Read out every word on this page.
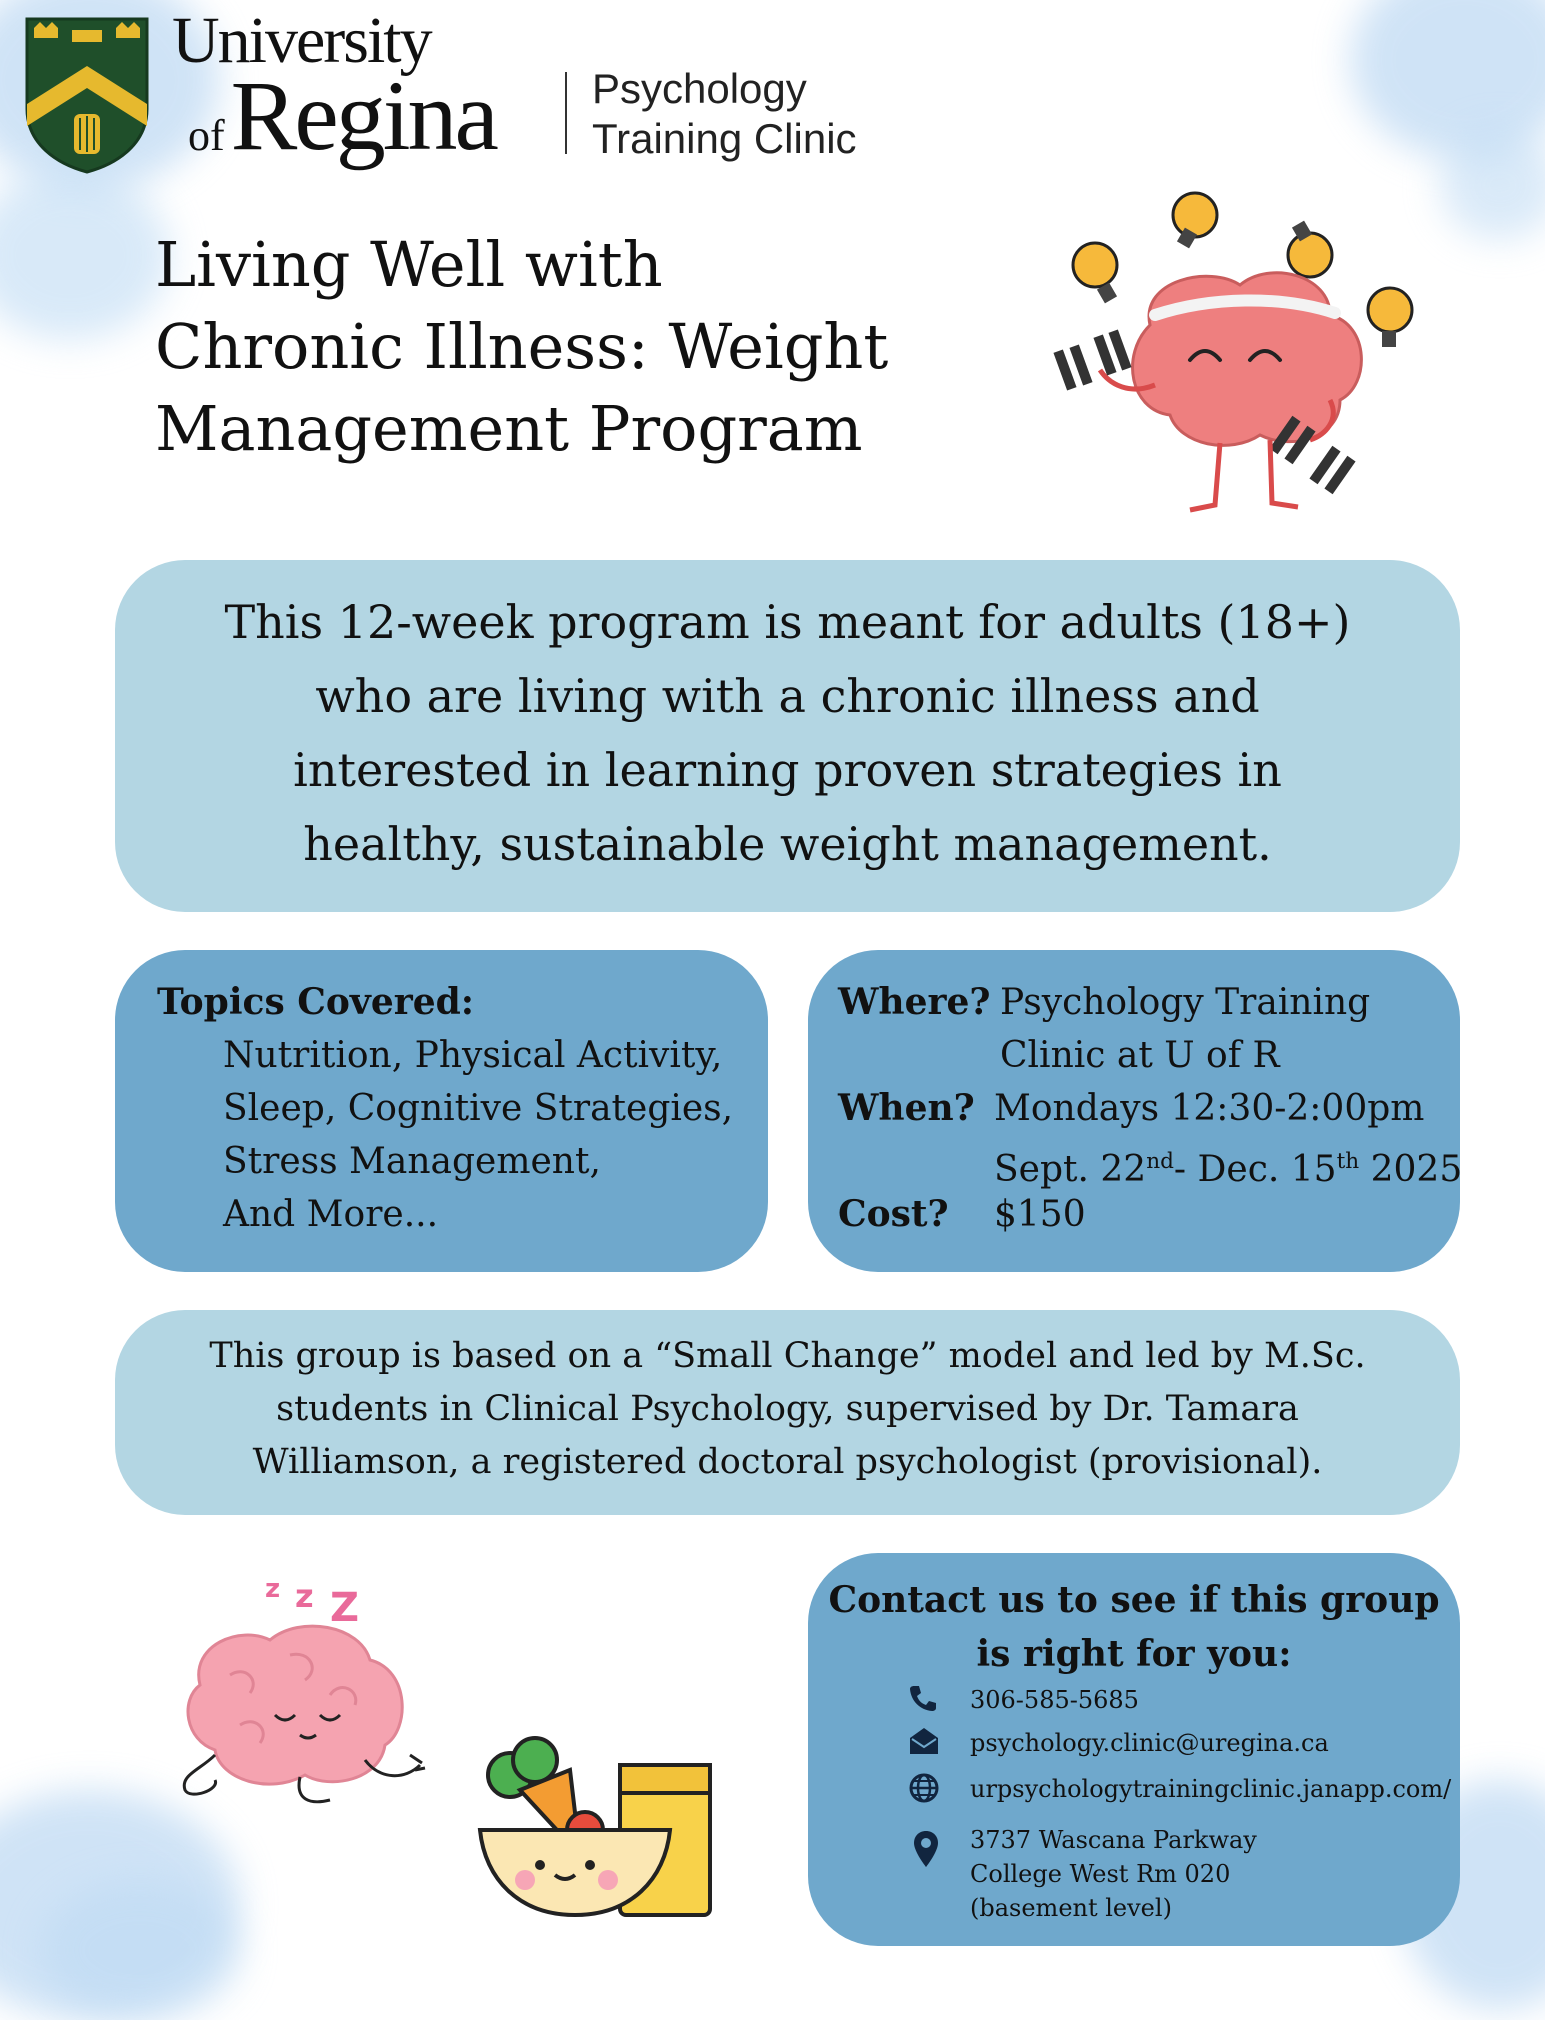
University
of Regina Psychology
Training Clinic
Living Well with
Chronic Illness: Weight
Management Program
This 12-week program is meant for adults (18+)
who are living with a chronic illness and
interested in learning proven strategies in
healthy, sustainable weight management.
Topics Covered:
Nutrition, Physical Activity,
Sleep, Cognitive Strategies,
Stress Management,
And More...
Where? Psychology Training
Clinic at U of R
When? Mondays 12:30-2:00pm
Sept. 22nd- Dec. 15th 2025
Cost? $150
This group is based on a “Small Change” model and led by M.Sc.
students in Clinical Psychology, supervised by Dr. Tamara
Williamson, a registered doctoral psychologist (provisional).
z z Z	Contact us to see if this group
is right for you:
306-585-5685
psychology.clinic@uregina.ca
urpsychologytrainingclinic.janapp.com/
3737 Wascana Parkway
College West Rm 020
(basement level)
